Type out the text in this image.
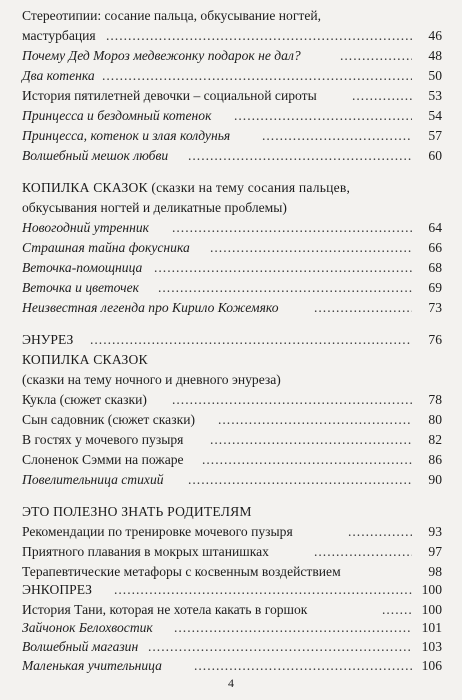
Стереотипии: сосание пальца, обкусывание ногтей,
мастурбация .....	46
Почему Дед Мороз медвежонку подарок не дал? .....	48
Два котенка .....	50
История пятилетней девочки – социальной сироты .....	53
Принцесса и бездомный котенок .....	54
Принцесса, котенок и злая колдунья .....	57
Волшебный мешок любви .....	60
КОПИЛКА СКАЗОК (сказки на тему сосания пальцев,
обкусывания ногтей и деликатные проблемы)
Новогодний утренник .....	64
Страшная тайна фокусника .....	66
Веточка-помощница .....	68
Веточка и цветочек .....	69
Неизвестная легенда про Кирило Кожемяко .....	73
ЭНУРЕЗ .....	76
КОПИЛКА СКАЗОК
(сказки на тему ночного и дневного энуреза)
Кукла (сюжет сказки) .....	78
Сын садовник (сюжет сказки) .....	80
В гостях у мочевого пузыря .....	82
Слоненок Сэмми на пожаре .....	86
Повелительница стихий .....	90
ЭТО ПОЛЕЗНО ЗНАТЬ РОДИТЕЛЯМ
Рекомендации по тренировке мочевого пузыря .....	93
Приятного плавания в мокрых штанишках .....	97
Терапевтические метафоры с косвенным воздействием	98
ЭНКОПРЕЗ .....	100
История Тани, которая не хотела какать в горшок .....	100
Зайчонок Белохвостик .....	101
Волшебный магазин .....	103
4
Маленькая учительница .....	106
